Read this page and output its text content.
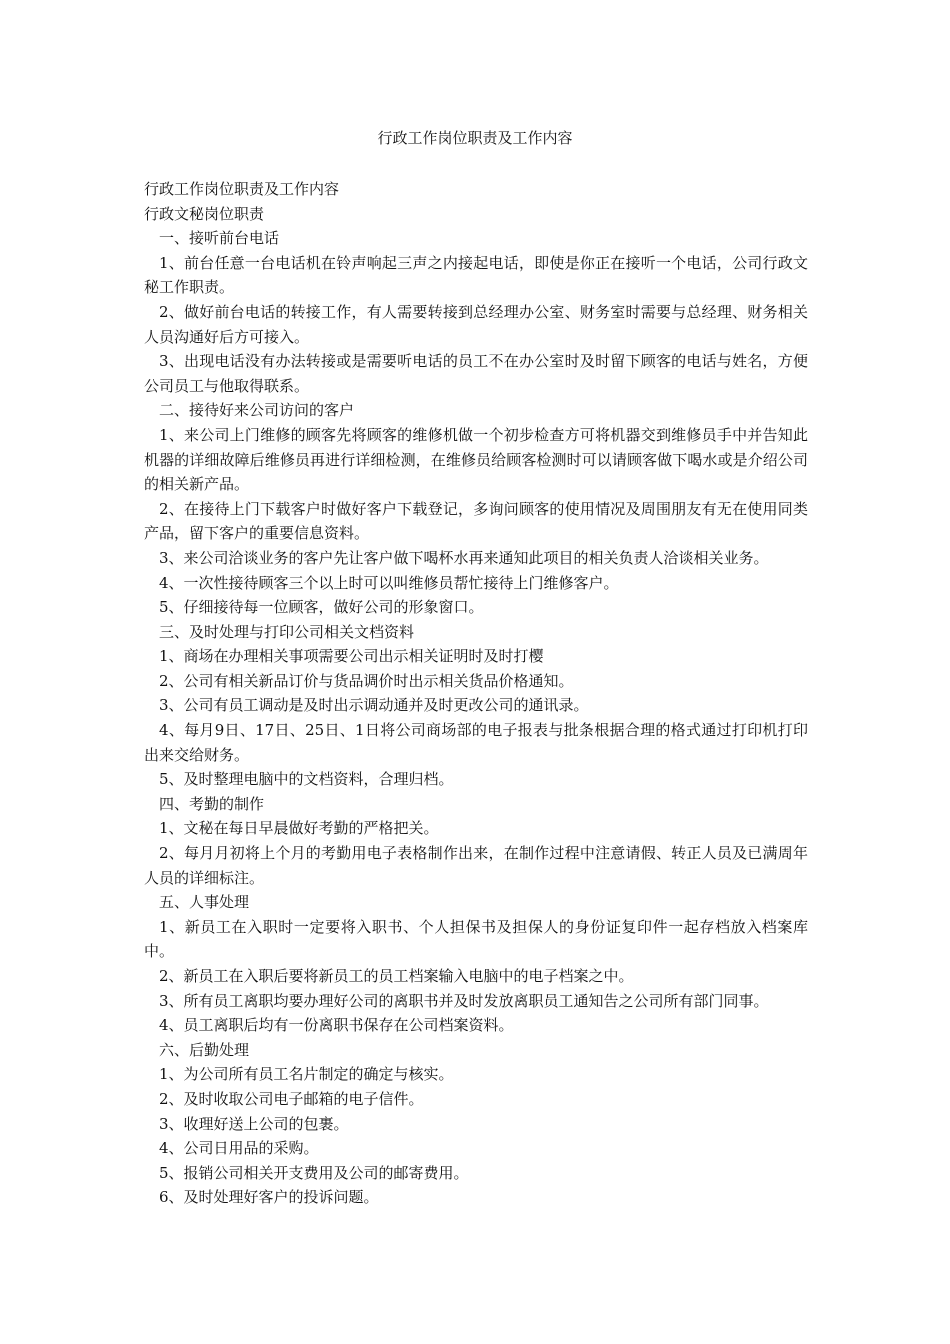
行政工作岗位职责及工作内容

行政工作岗位职责及工作内容

行政文秘岗位职责

一、接听前台电话

1、前台任意一台电话机在铃声响起三声之内接起电话，即使是你正在接听一个电话，公司行政文秘工作职责。

2、做好前台电话的转接工作，有人需要转接到总经理办公室、财务室时需要与总经理、财务相关人员沟通好后方可接入。

3、出现电话没有办法转接或是需要听电话的员工不在办公室时及时留下顾客的电话与姓名，方便公司员工与他取得联系。

二、接待好来公司访问的客户

1、来公司上门维修的顾客先将顾客的维修机做一个初步检查方可将机器交到维修员手中并告知此机器的详细故障后维修员再进行详细检测，在维修员给顾客检测时可以请顾客做下喝水或是介绍公司的相关新产品。

2、在接待上门下载客户时做好客户下载登记，多询问顾客的使用情况及周围朋友有无在使用同类产品，留下客户的重要信息资料。

3、来公司洽谈业务的客户先让客户做下喝杯水再来通知此项目的相关负责人洽谈相关业务。

4、一次性接待顾客三个以上时可以叫维修员帮忙接待上门维修客户。

5、仔细接待每一位顾客，做好公司的形象窗口。

三、及时处理与打印公司相关文档资料

1、商场在办理相关事项需要公司出示相关证明时及时打樱

2、公司有相关新品订价与货品调价时出示相关货品价格通知。

3、公司有员工调动是及时出示调动通并及时更改公司的通讯录。

4、每月9日、17日、25日、1日将公司商场部的电子报表与批条根据合理的格式通过打印机打印出来交给财务。

5、及时整理电脑中的文档资料，合理归档。

四、考勤的制作

1、文秘在每日早晨做好考勤的严格把关。

2、每月月初将上个月的考勤用电子表格制作出来，在制作过程中注意请假、转正人员及已满周年人员的详细标注。

五、人事处理

1、新员工在入职时一定要将入职书、个人担保书及担保人的身份证复印件一起存档放入档案库中。

2、新员工在入职后要将新员工的员工档案输入电脑中的电子档案之中。

3、所有员工离职均要办理好公司的离职书并及时发放离职员工通知告之公司所有部门同事。

4、员工离职后均有一份离职书保存在公司档案资料。

六、后勤处理

1、为公司所有员工名片制定的确定与核实。

2、及时收取公司电子邮箱的电子信件。

3、收理好送上公司的包裹。

4、公司日用品的采购。

5、报销公司相关开支费用及公司的邮寄费用。

6、及时处理好客户的投诉问题。
